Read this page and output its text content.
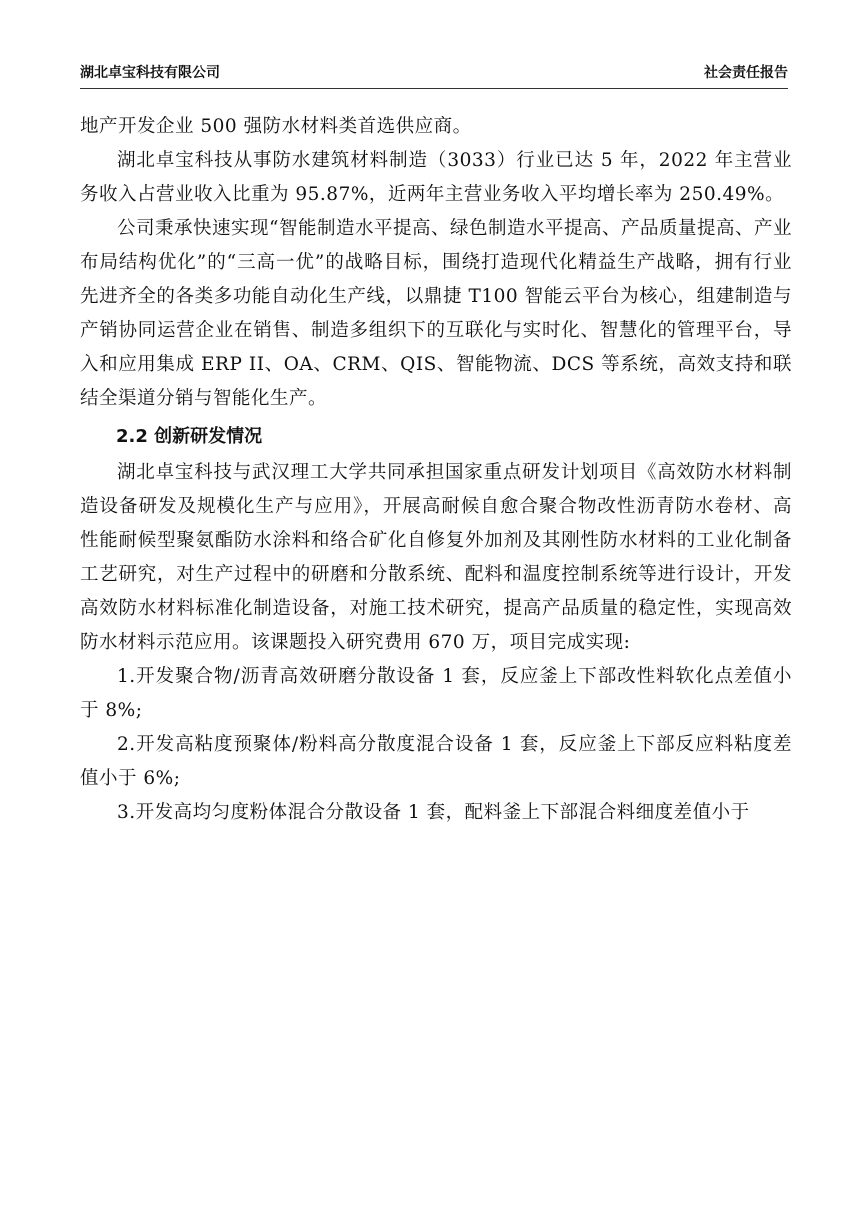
湖北卓宝科技有限公司	社会责任报告

地产开发企业 500 强防水材料类首选供应商。

湖北卓宝科技从事防水建筑材料制造（3033）行业已达 5 年，2022 年主营业务收入占营业收入比重为 95.87%，近两年主营业务收入平均增长率为 250.49%。

公司秉承快速实现“智能制造水平提高、绿色制造水平提高、产品质量提高、产业布局结构优化”的“三高一优”的战略目标，围绕打造现代化精益生产战略，拥有行业先进齐全的各类多功能自动化生产线，以鼎捷 T100 智能云平台为核心，组建制造与产销协同运营企业在销售、制造多组织下的互联化与实时化、智慧化的管理平台，导入和应用集成 ERP II、OA、CRM、QIS、智能物流、DCS 等系统，高效支持和联结全渠道分销与智能化生产。

2.2 创新研发情况

湖北卓宝科技与武汉理工大学共同承担国家重点研发计划项目《高效防水材料制造设备研发及规模化生产与应用》，开展高耐候自愈合聚合物改性沥青防水卷材、高性能耐候型聚氨酯防水涂料和络合矿化自修复外加剂及其刚性防水材料的工业化制备工艺研究，对生产过程中的研磨和分散系统、配料和温度控制系统等进行设计，开发高效防水材料标准化制造设备，对施工技术研究，提高产品质量的稳定性，实现高效防水材料示范应用。该课题投入研究费用 670 万，项目完成实现:

1.开发聚合物/沥青高效研磨分散设备 1 套，反应釜上下部改性料软化点差值小于 8%;

2.开发高粘度预聚体/粉料高分散度混合设备 1 套，反应釜上下部反应料粘度差值小于 6%;

3.开发高均匀度粉体混合分散设备 1 套，配料釜上下部混合料细度差值小于
